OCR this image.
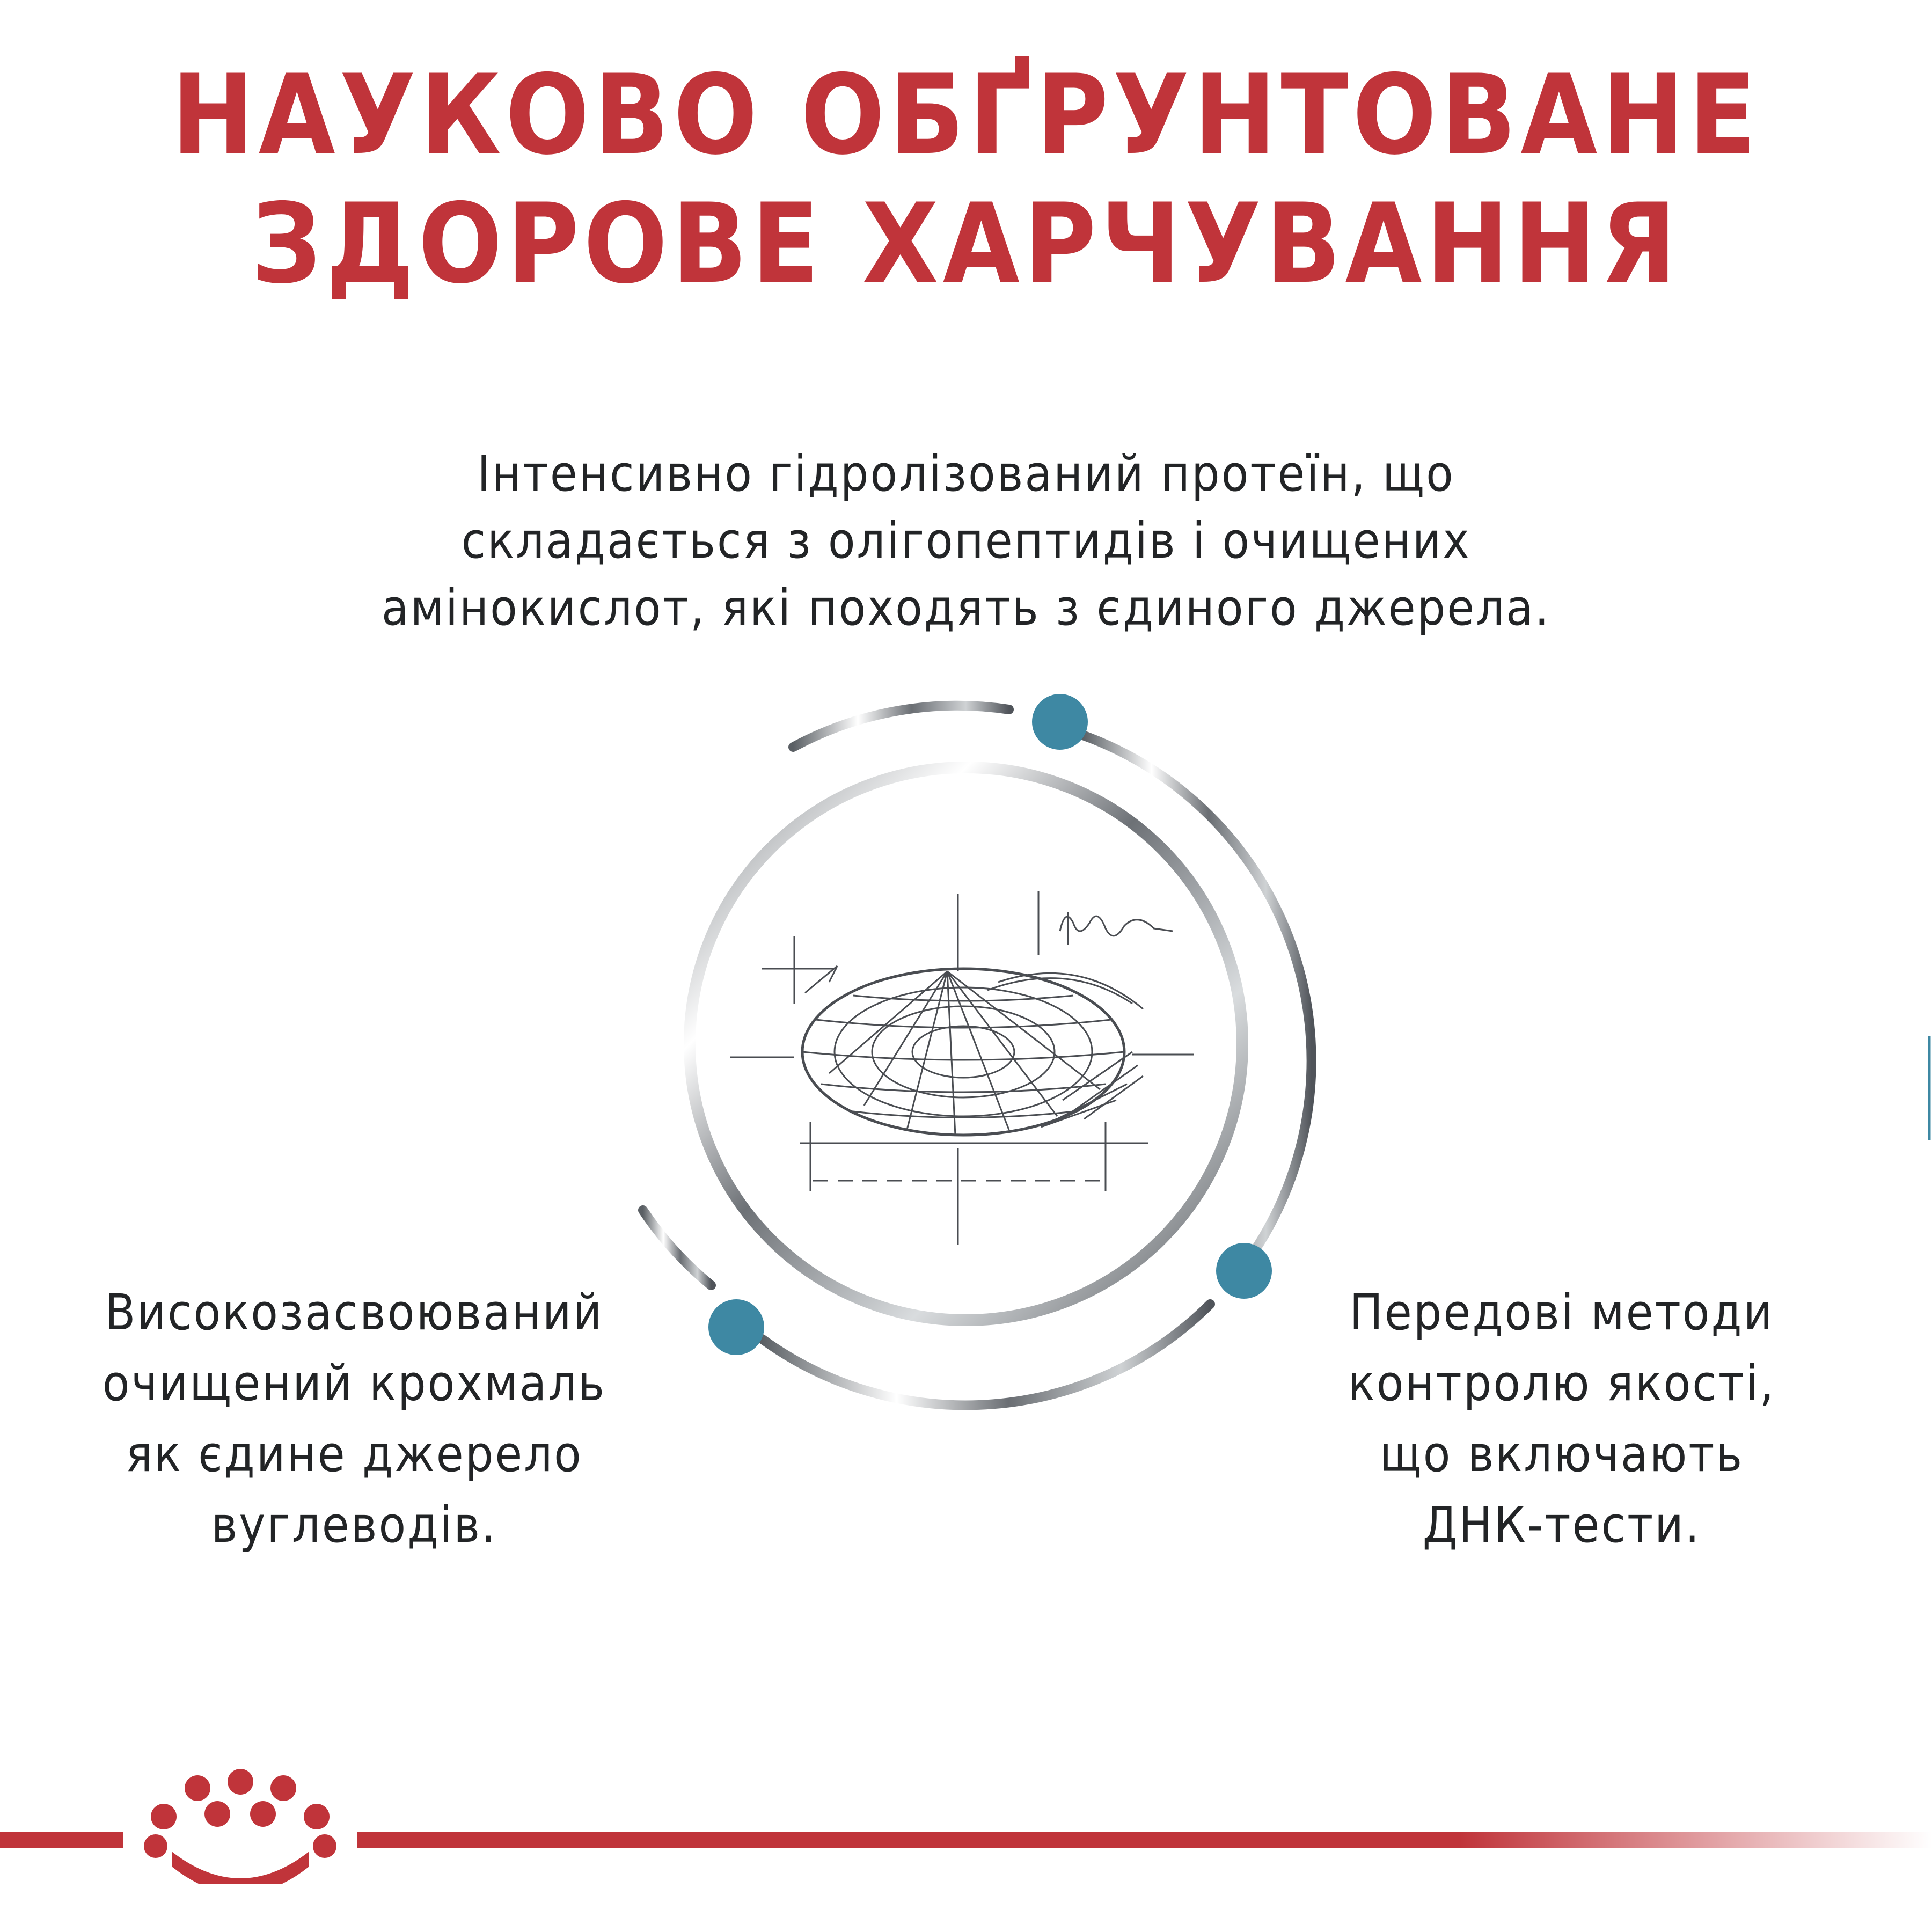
НАУКОВО ОБҐРУНТОВАНЕ
ЗДОРОВЕ ХАРЧУВАННЯ
Інтенсивно гідролізований протеїн, що
складається з олігопептидів і очищених
амінокислот, які походять з єдиного джерела.
Високозасвоюваний
очищений крохмаль
як єдине джерело
вуглеводів.
Передові методи
контролю якості,
що включають
ДНК-тести.
